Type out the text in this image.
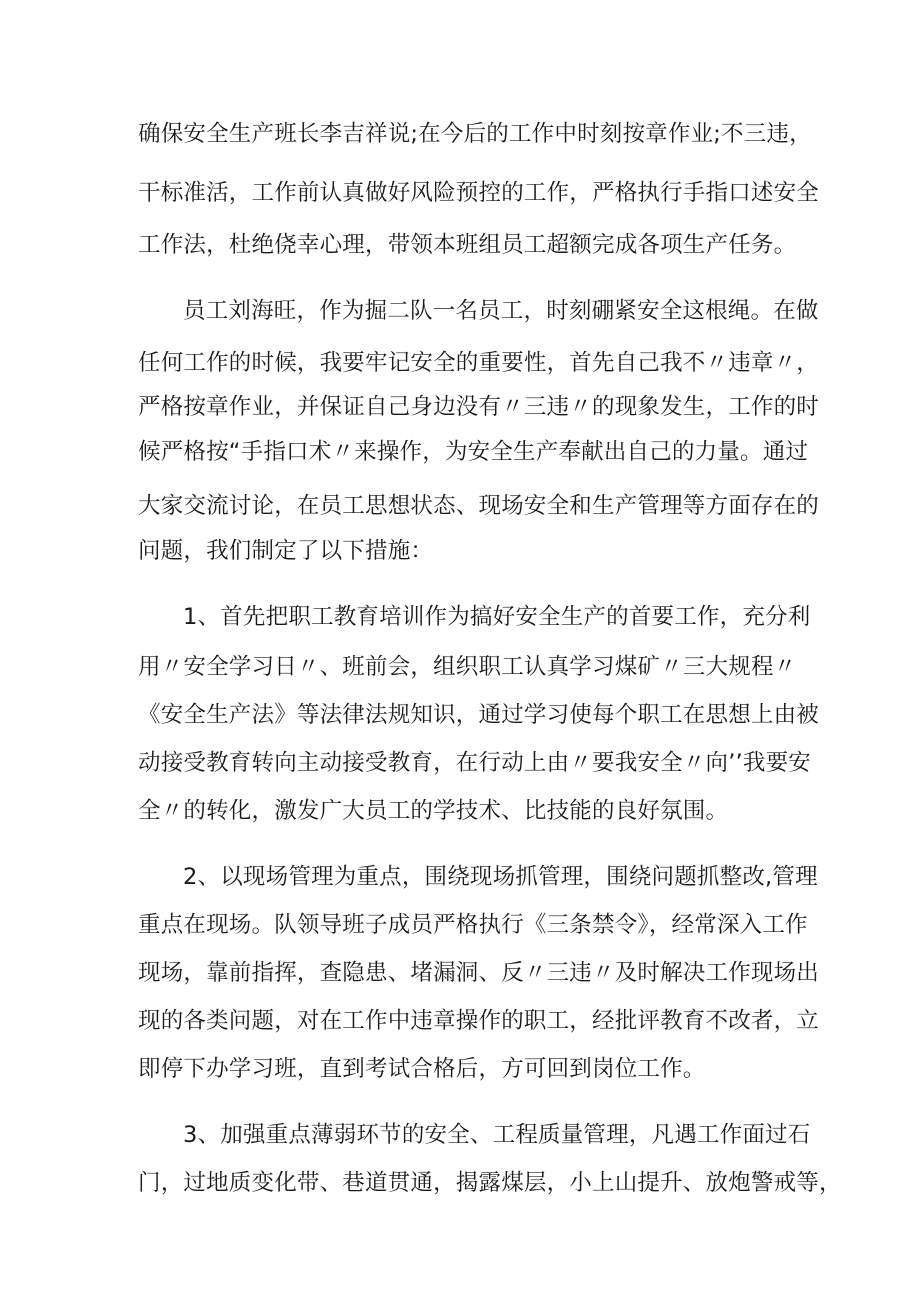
确保安全生产班长李吉祥说;在今后的工作中时刻按章作业;不三违，
干标准活，工作前认真做好风险预控的工作，严格执行手指口述安全
工作法，杜绝侥幸心理，带领本班组员工超额完成各项生产任务。
员工刘海旺，作为掘二队一名员工，时刻硼紧安全这根绳。在做
任何工作的时候，我要牢记安全的重要性，首先自己我不〃违章〃，
严格按章作业，并保证自己身边没有〃三违〃的现象发生，工作的时
候严格按“手指口术〃来操作，为安全生产奉献出自己的力量。通过
大家交流讨论，在员工思想状态、现场安全和生产管理等方面存在的
问题，我们制定了以下措施：
1、首先把职工教育培训作为搞好安全生产的首要工作，充分利
用〃安全学习日〃、班前会，组织职工认真学习煤矿〃三大规程〃
《安全生产法》等法律法规知识，通过学习使每个职工在思想上由被
动接受教育转向主动接受教育，在行动上由〃要我安全〃向’’我要安
全〃的转化，激发广大员工的学技术、比技能的良好氛围。
2、以现场管理为重点，围绕现场抓管理，围绕问题抓整改,管理
重点在现场。队领导班子成员严格执行《三条禁令》，经常深入工作
现场，靠前指挥，查隐患、堵漏洞、反〃三违〃及时解决工作现场出
现的各类问题，对在工作中违章操作的职工，经批评教育不改者，立
即停下办学习班，直到考试合格后，方可回到岗位工作。
3、加强重点薄弱环节的安全、工程质量管理，凡遇工作面过石
门，过地质变化带、巷道贯通，揭露煤层，小上山提升、放炮警戒等，
